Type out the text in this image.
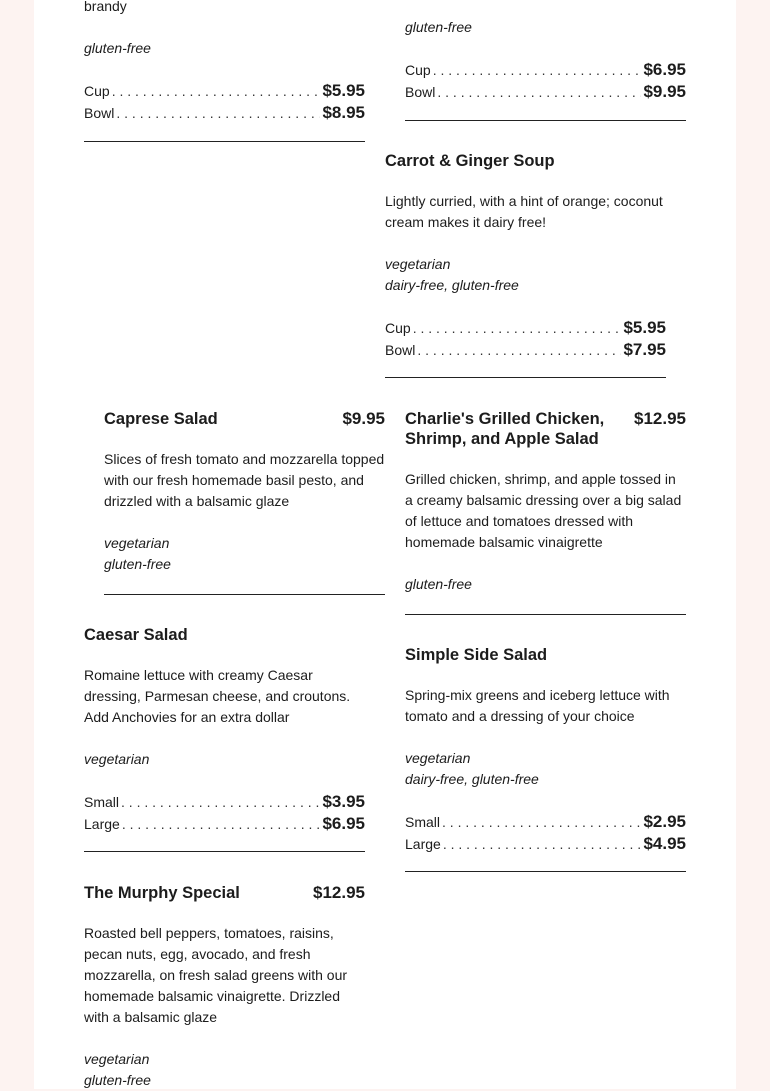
brandy

gluten-free

Cup . . .	$5.95
Bowl . . .	$8.95

gluten-free

Cup . . .	$6.95
Bowl . . .	$9.95
Carrot & Ginger Soup

Lightly curried, with a hint of orange; coconut cream makes it dairy free!

vegetarian

dairy-free, gluten-free

Cup . . .	$5.95
Bowl . . .	$7.95
Caprese Salad	$9.95

Slices of fresh tomato and mozzarella topped with our fresh homemade basil pesto, and drizzled with a balsamic glaze

vegetarian

gluten-free

Charlie's Grilled Chicken, Shrimp, and Apple Salad
$12.95

Grilled chicken, shrimp, and apple tossed in a creamy balsamic dressing over a big salad of lettuce and tomatoes dressed with homemade balsamic vinaigrette

gluten-free

Caesar Salad

Romaine lettuce with creamy Caesar dressing, Parmesan cheese, and croutons. Add Anchovies for an extra dollar

vegetarian

Small . . .	$3.95
Large . . .	$6.95
Simple Side Salad

Spring-mix greens and iceberg lettuce with tomato and a dressing of your choice

vegetarian

dairy-free, gluten-free

Small . . .	$2.95
Large . . .	$4.95
The Murphy Special	$12.95

Roasted bell peppers, tomatoes, raisins, pecan nuts, egg, avocado, and fresh mozzarella, on fresh salad greens with our homemade balsamic vinaigrette. Drizzled with a balsamic glaze

vegetarian

gluten-free
